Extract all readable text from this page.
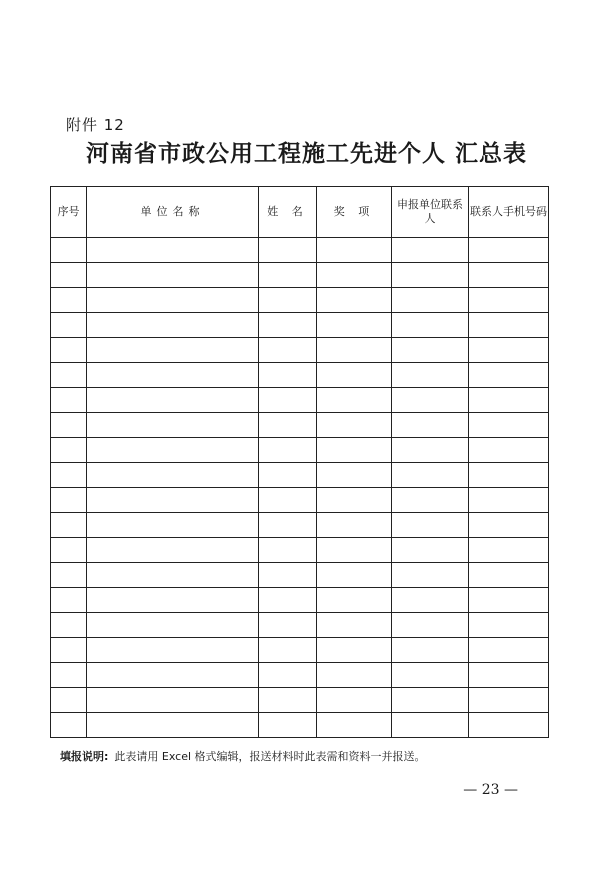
附件 12
河南省市政公用工程施工先进个人 汇总表
序号	单位名称	姓 名	奖 项	申报单位联系人	联系人手机号码

填报说明: 此表请用 Excel 格式编辑，报送材料时此表需和资料一并报送。
— 23 —
